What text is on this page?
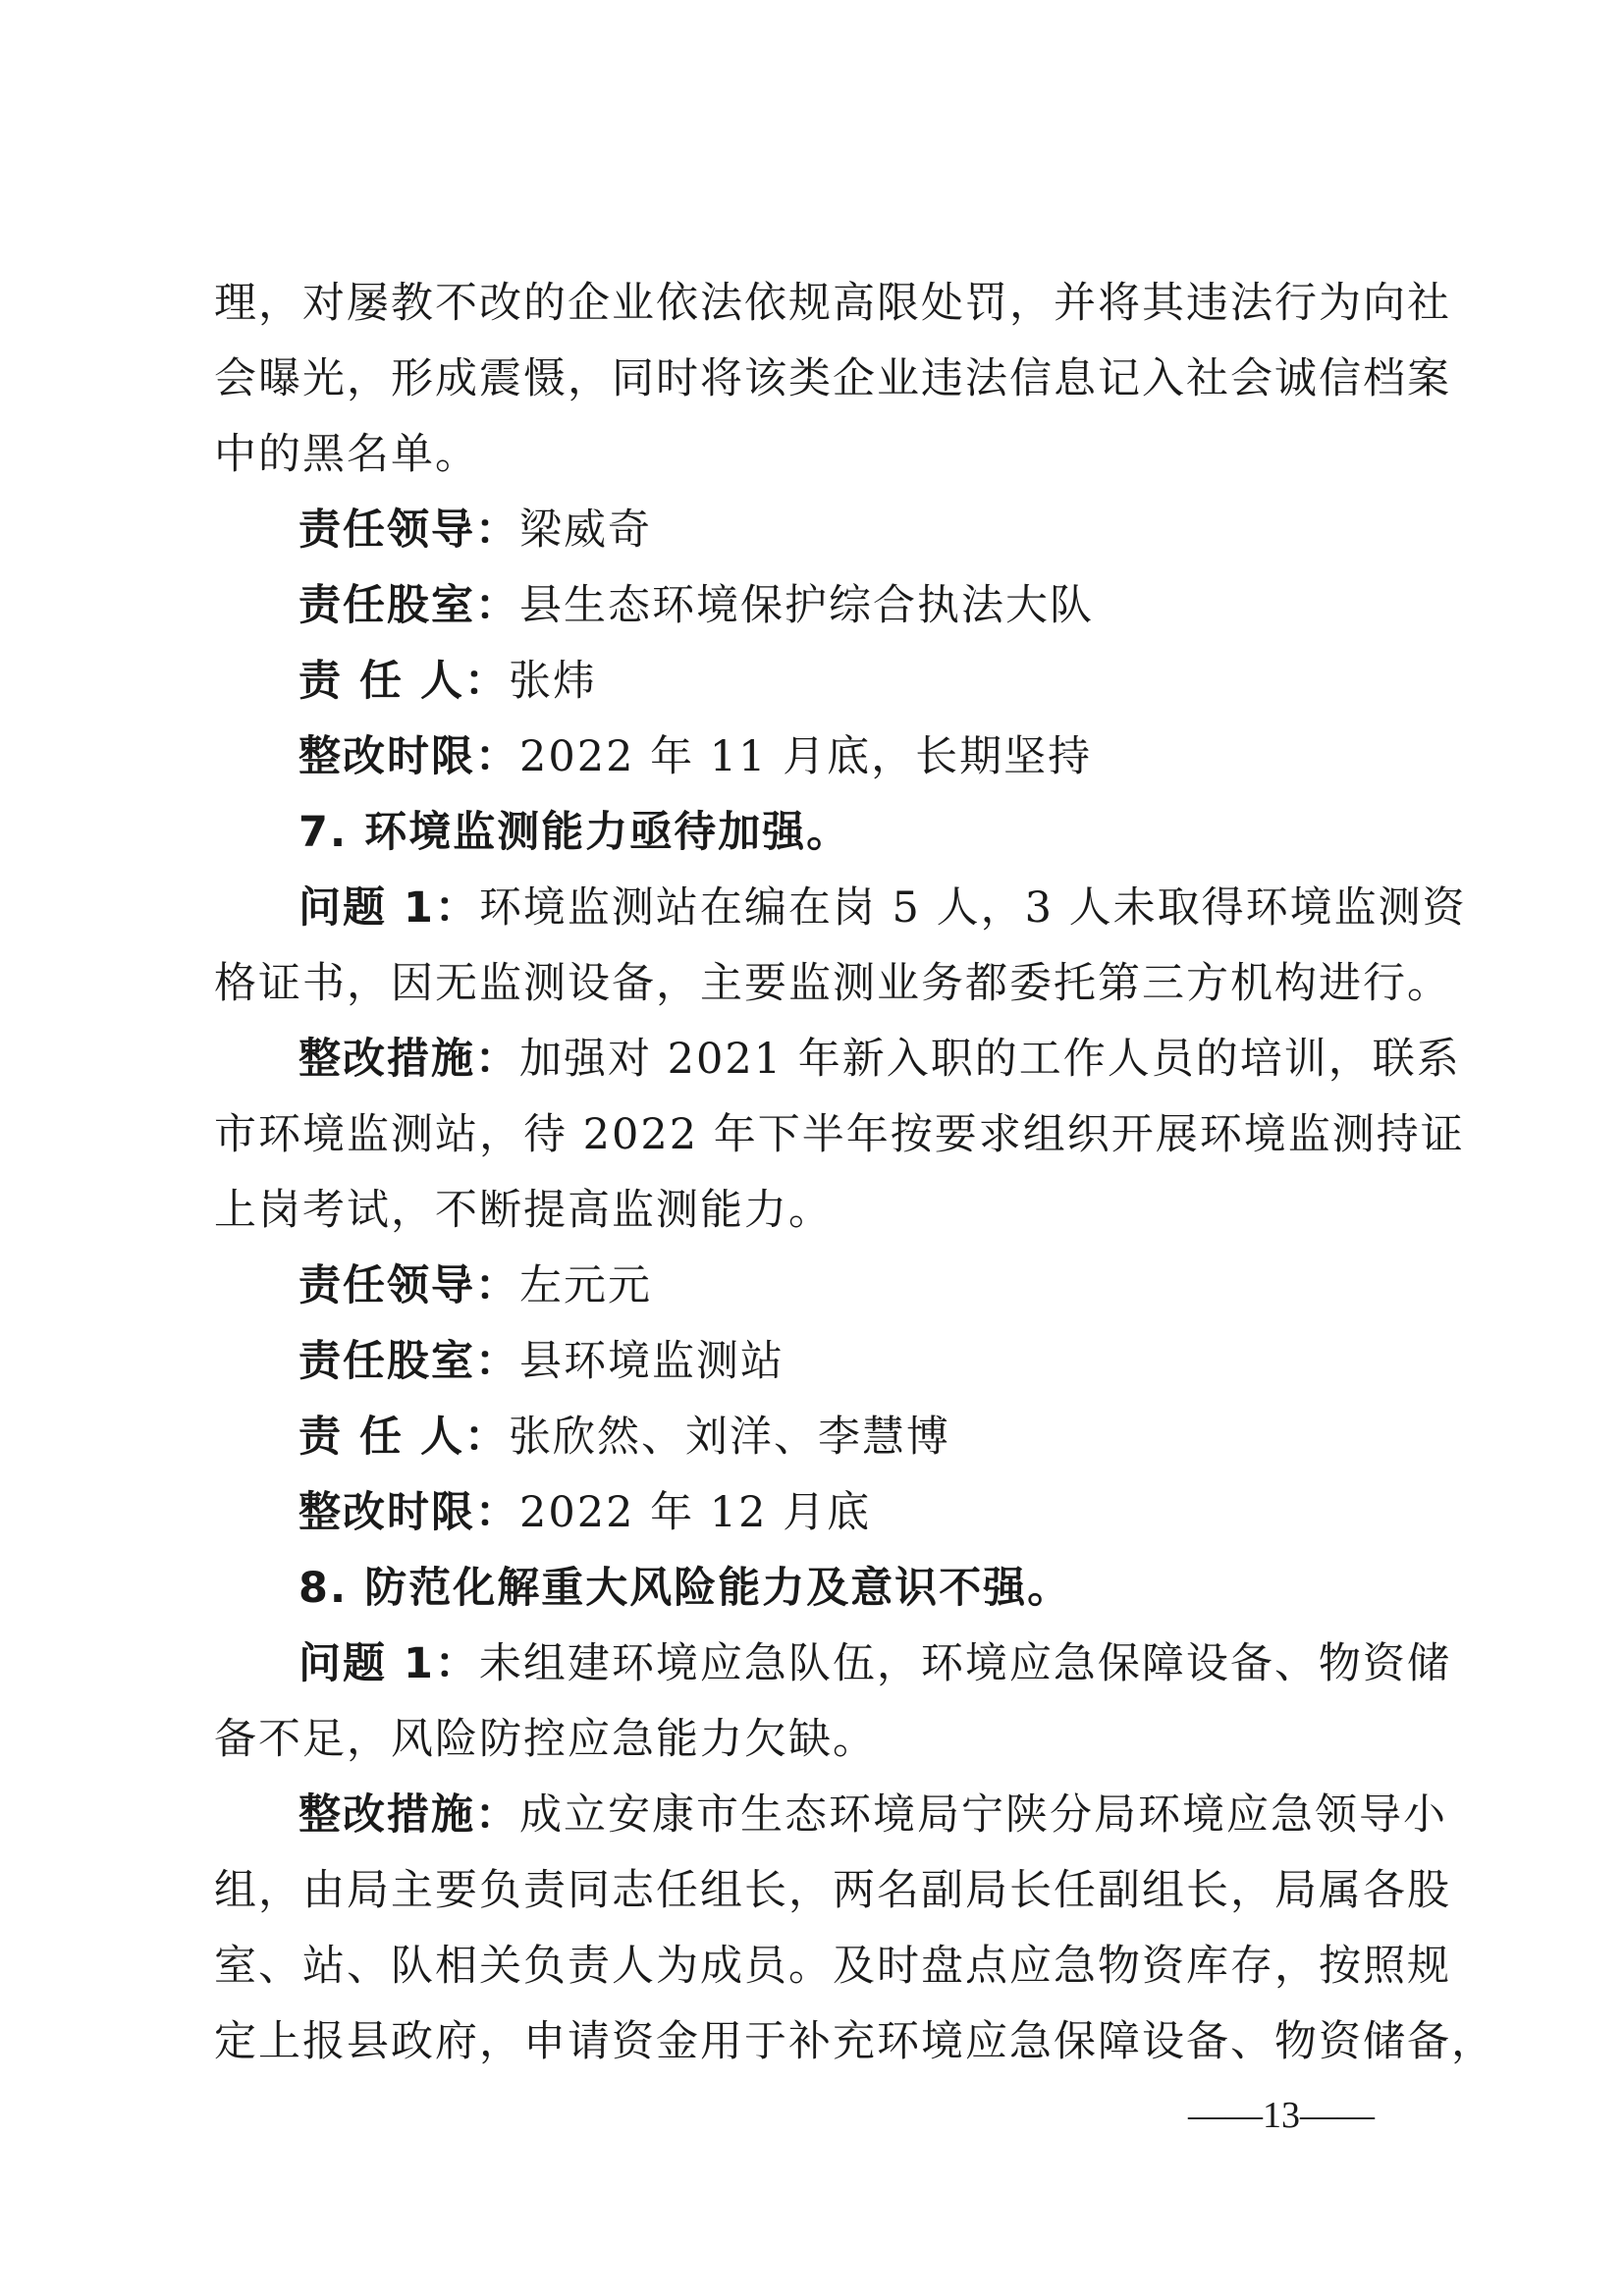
理，对屡教不改的企业依法依规高限处罚，并将其违法行为向社
会曝光，形成震慑，同时将该类企业违法信息记入社会诚信档案
中的黑名单。
责任领导：梁威奇
责任股室：县生态环境保护综合执法大队
责 任 人：张炜
整改时限：2022 年 11 月底，长期坚持
7. 环境监测能力亟待加强。
问题 1：环境监测站在编在岗 5 人，3 人未取得环境监测资
格证书，因无监测设备，主要监测业务都委托第三方机构进行。
整改措施：加强对 2021 年新入职的工作人员的培训，联系
市环境监测站，待 2022 年下半年按要求组织开展环境监测持证
上岗考试，不断提高监测能力。
责任领导：左元元
责任股室：县环境监测站
责 任 人：张欣然、刘洋、李慧博
整改时限：2022 年 12 月底
8. 防范化解重大风险能力及意识不强。
问题 1：未组建环境应急队伍，环境应急保障设备、物资储
备不足，风险防控应急能力欠缺。
整改措施：成立安康市生态环境局宁陕分局环境应急领导小
组，由局主要负责同志任组长，两名副局长任副组长，局属各股
室、站、队相关负责人为成员。及时盘点应急物资库存，按照规
定上报县政府，申请资金用于补充环境应急保障设备、物资储备，
——13——
